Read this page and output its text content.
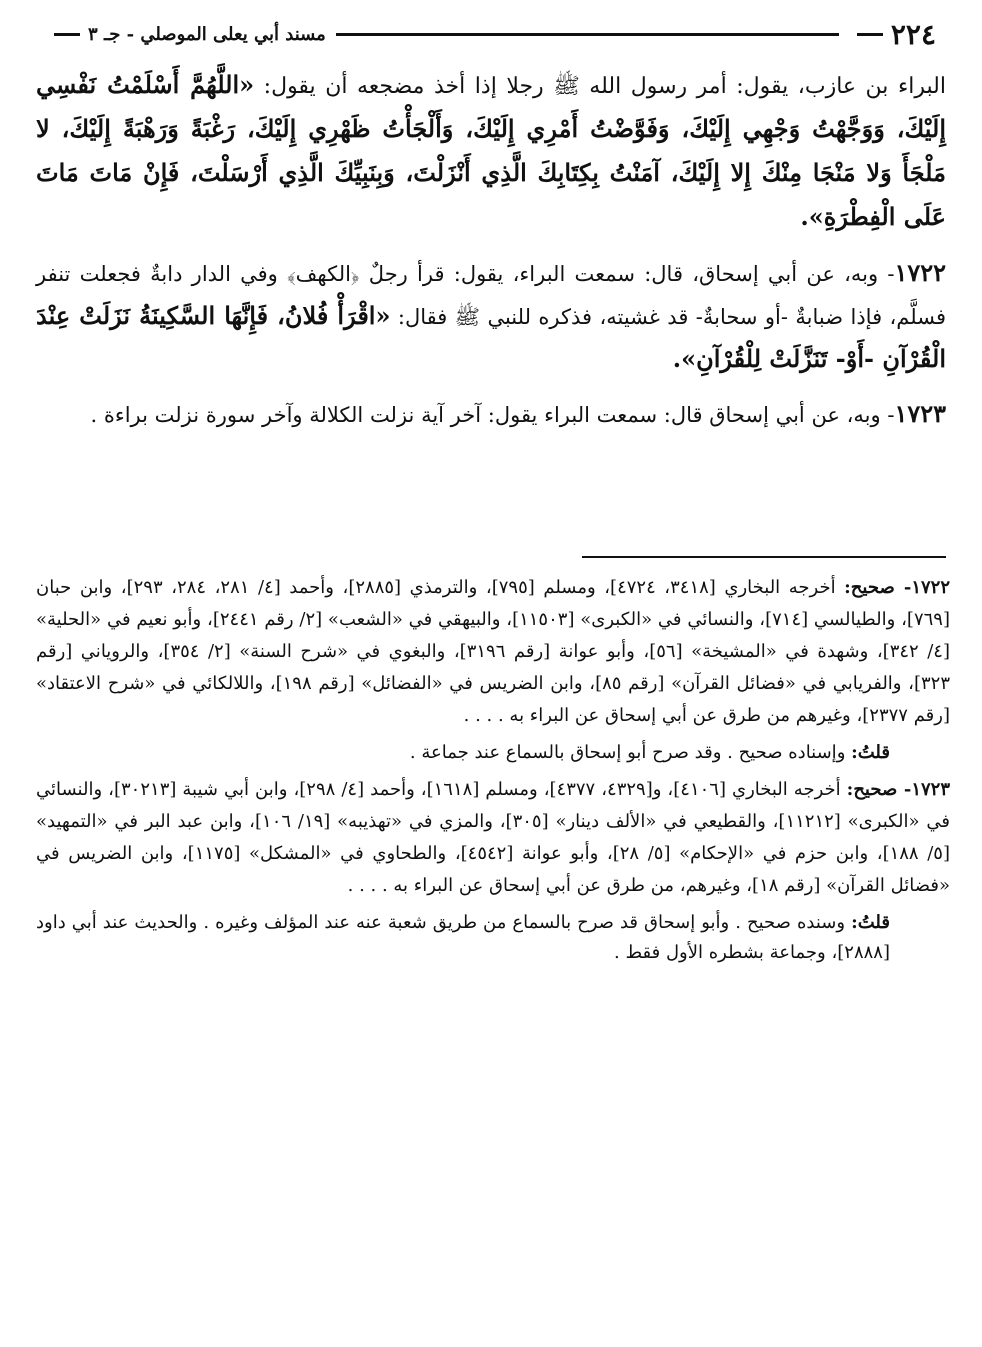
٢٢٤
مسند أبي يعلى الموصلي - جـ ٣

البراء بن عازب، يقول: أمر رسول الله ﷺ رجلا إذا أخذ مضجعه أن يقول: «اللَّهُمَّ أَسْلَمْتُ نَفْسِي إِلَيْكَ، وَوَجَّهْتُ وَجْهِي إِلَيْكَ، وَفَوَّضْتُ أَمْرِي إِلَيْكَ، وَأَلْجَأْتُ ظَهْرِي إِلَيْكَ، رَغْبَةً وَرَهْبَةً إِلَيْكَ، لا مَلْجَأَ وَلا مَنْجَا مِنْكَ إِلا إِلَيْكَ، آمَنْتُ بِكِتَابِكَ الَّذِي أَنْزَلْتَ، وَبِنَبِيِّكَ الَّذِي أَرْسَلْتَ، فَإِنْ مَاتَ مَاتَ عَلَى الْفِطْرَةِ».

١٧٢٢- وبه، عن أبي إسحاق، قال: سمعت البراء، يقول: قرأ رجلٌ ﴿الكهف﴾ وفي الدار دابةٌ فجعلت تنفر فسلَّم، فإذا ضبابةٌ -أو سحابةٌ- قد غشيته، فذكره للنبي ﷺ فقال: «اقْرَأْ فُلانُ، فَإِنَّهَا السَّكِينَةُ نَزَلَتْ عِنْدَ الْقُرْآنِ -أَوْ- تَنَزَّلَتْ لِلْقُرْآنِ».

١٧٢٣- وبه، عن أبي إسحاق قال: سمعت البراء يقول: آخر آية نزلت الكلالة وآخر سورة نزلت براءة .

١٧٢٢- صحيح: أخرجه البخاري [٣٤١٨، ٤٧٢٤]، ومسلم [٧٩٥]، والترمذي [٢٨٨٥]، وأحمد [٤/ ٢٨١، ٢٨٤، ٢٩٣]، وابن حبان [٧٦٩]، والطيالسي [٧١٤]، والنسائي في «الكبرى» [١١٥٠٣]، والبيهقي في «الشعب» [٢/ رقم ٢٤٤١]، وأبو نعيم في «الحلية» [٤/ ٣٤٢]، وشهدة في «المشيخة» [٥٦]، وأبو عوانة [رقم ٣١٩٦]، والبغوي في «شرح السنة» [٢/ ٣٥٤]، والروياني [رقم ٣٢٣]، والفريابي في «فضائل القرآن» [رقم ٨٥]، وابن الضريس في «الفضائل» [رقم ١٩٨]، واللالكائي في «شرح الاعتقاد» [رقم ٢٣٧٧]، وغيرهم من طرق عن أبي إسحاق عن البراء به . . . .

قلتُ: وإسناده صحيح . وقد صرح أبو إسحاق بالسماع عند جماعة .

١٧٢٣- صحيح: أخرجه البخاري [٤١٠٦]، و[٤٣٢٩، ٤٣٧٧]، ومسلم [١٦١٨]، وأحمد [٤/ ٢٩٨]، وابن أبي شيبة [٣٠٢١٣]، والنسائي في «الكبرى» [١١٢١٢]، والقطيعي في «الألف دينار» [٣٠٥]، والمزي في «تهذيبه» [١٩/ ١٠٦]، وابن عبد البر في «التمهيد» [٥/ ١٨٨]، وابن حزم في «الإحكام» [٥/ ٢٨]، وأبو عوانة [٤٥٤٢]، والطحاوي في «المشكل» [١١٧٥]، وابن الضريس في «فضائل القرآن» [رقم ١٨]، وغيرهم، من طرق عن أبي إسحاق عن البراء به . . . .

قلتُ: وسنده صحيح . وأبو إسحاق قد صرح بالسماع من طريق شعبة عنه عند المؤلف وغيره . والحديث عند أبي داود [٢٨٨٨]، وجماعة بشطره الأول فقط .
